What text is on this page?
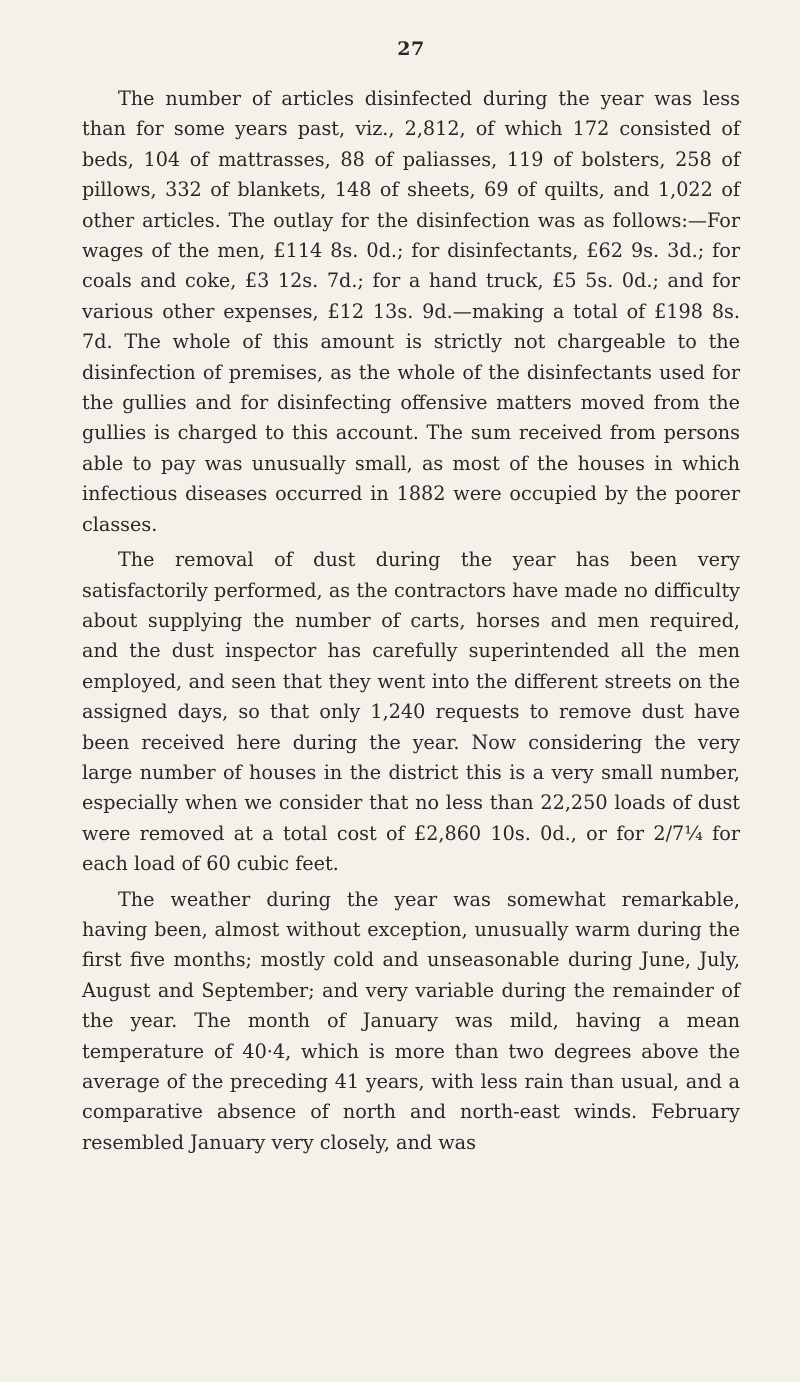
27

The number of articles disinfected during the year was less than for some years past, viz., 2,812, of which 172 consisted of beds, 104 of mattrasses, 88 of paliasses, 119 of bolsters, 258 of pillows, 332 of blankets, 148 of sheets, 69 of quilts, and 1,022 of other articles. The outlay for the disinfection was as follows:—For wages of the men, £114 8s. 0d.; for disinfectants, £62 9s. 3d.; for coals and coke, £3 12s. 7d.; for a hand truck, £5 5s. 0d.; and for various other expenses, £12 13s. 9d.—making a total of £198 8s. 7d. The whole of this amount is strictly not chargeable to the disinfection of premises, as the whole of the disinfectants used for the gullies and for disinfecting offensive matters moved from the gullies is charged to this account. The sum received from persons able to pay was unusually small, as most of the houses in which infectious diseases occurred in 1882 were occupied by the poorer classes.

The removal of dust during the year has been very satisfactorily performed, as the contractors have made no difficulty about supplying the number of carts, horses and men required, and the dust inspector has carefully superintended all the men employed, and seen that they went into the different streets on the assigned days, so that only 1,240 requests to remove dust have been received here during the year. Now considering the very large number of houses in the district this is a very small number, especially when we consider that no less than 22,250 loads of dust were removed at a total cost of £2,860 10s. 0d., or for 2/7¼ for each load of 60 cubic feet.

The weather during the year was somewhat remarkable, having been, almost without exception, unusually warm during the first five months; mostly cold and unseasonable during June, July, August and September; and very variable during the remainder of the year. The month of January was mild, having a mean temperature of 40·4, which is more than two degrees above the average of the preceding 41 years, with less rain than usual, and a comparative absence of north and north-east winds. February resembled January very closely, and was
